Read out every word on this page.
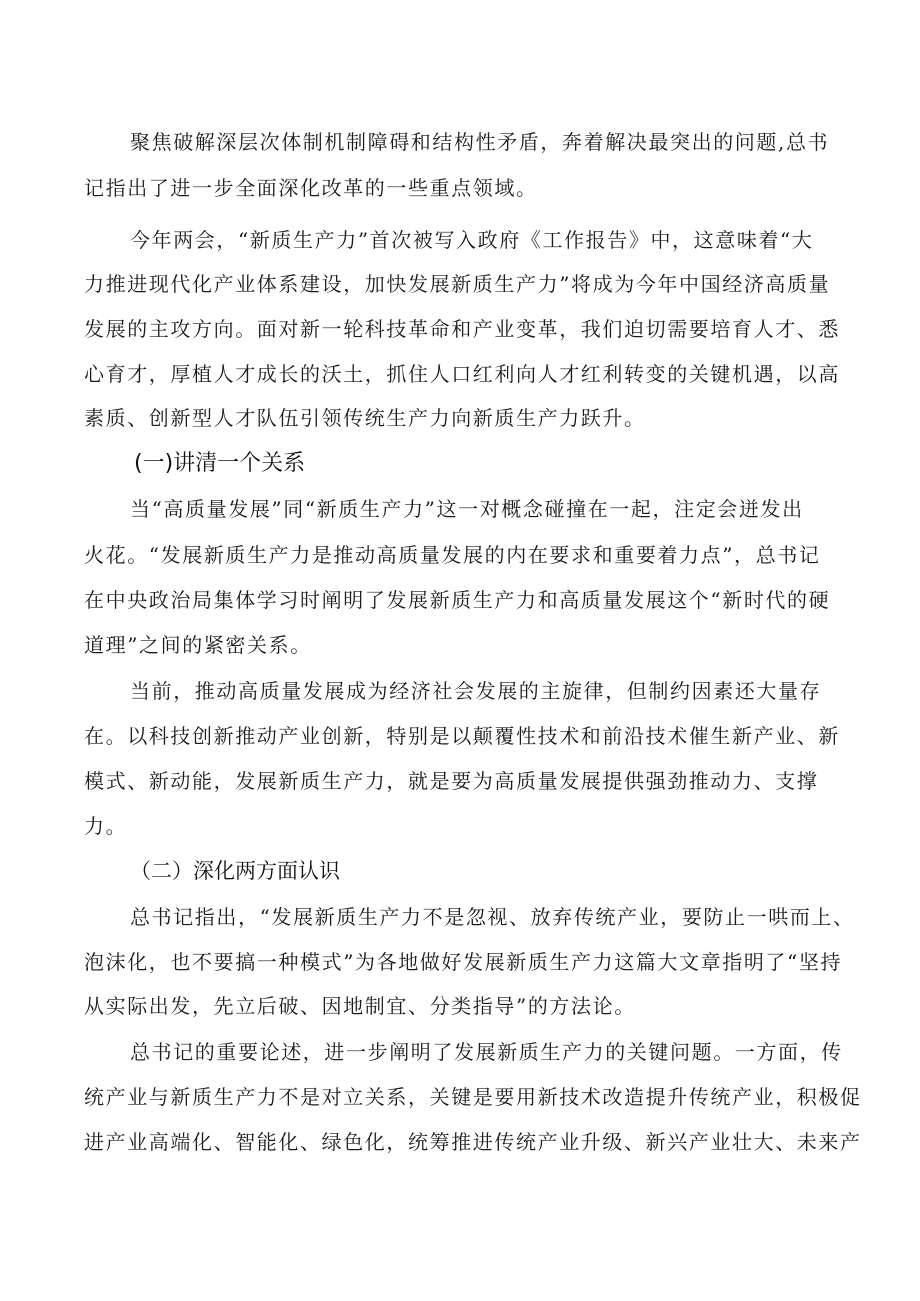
聚焦破解深层次体制机制障碍和结构性矛盾，奔着解决最突出的问题,总书
记指出了进一步全面深化改革的一些重点领域。
今年两会，“新质生产力”首次被写入政府《工作报告》中，这意味着“大
力推进现代化产业体系建设，加快发展新质生产力”将成为今年中国经济高质量
发展的主攻方向。面对新一轮科技革命和产业变革，我们迫切需要培育人才、悉
心育才，厚植人才成长的沃土，抓住人口红利向人才红利转变的关键机遇，以高
素质、创新型人才队伍引领传统生产力向新质生产力跃升。
(一)讲清一个关系
当“高质量发展”同“新质生产力”这一对概念碰撞在一起，注定会迸发出
火花。“发展新质生产力是推动高质量发展的内在要求和重要着力点”，总书记
在中央政治局集体学习时阐明了发展新质生产力和高质量发展这个“新时代的硬
道理”之间的紧密关系。
当前，推动高质量发展成为经济社会发展的主旋律，但制约因素还大量存
在。以科技创新推动产业创新，特别是以颠覆性技术和前沿技术催生新产业、新
模式、新动能，发展新质生产力，就是要为高质量发展提供强劲推动力、支撑
力。
（二）深化两方面认识
总书记指出，“发展新质生产力不是忽视、放弃传统产业，要防止一哄而上、
泡沫化，也不要搞一种模式”为各地做好发展新质生产力这篇大文章指明了“坚持
从实际出发，先立后破、因地制宜、分类指导”的方法论。
总书记的重要论述，进一步阐明了发展新质生产力的关键问题。一方面，传
统产业与新质生产力不是对立关系，关键是要用新技术改造提升传统产业，积极促
进产业高端化、智能化、绿色化，统筹推进传统产业升级、新兴产业壮大、未来产
